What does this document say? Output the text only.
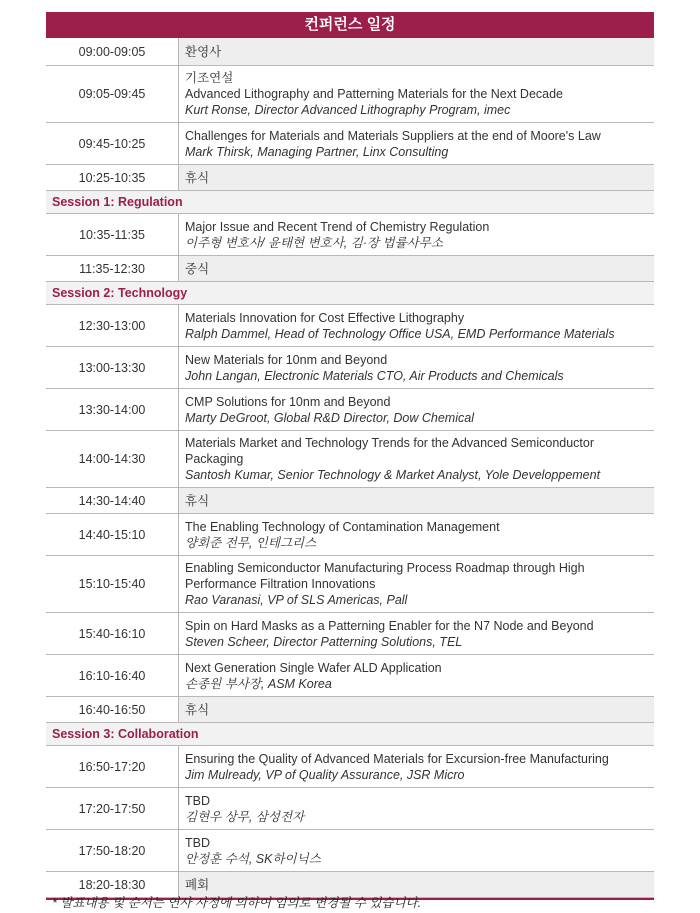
컨퍼런스 일정
09:00-09:05	환영사
09:05-09:45
기조연설
Advanced Lithography and Patterning Materials for the Next Decade
Kurt Ronse, Director Advanced Lithography Program, imec
09:45-10:25
Challenges for Materials and Materials Suppliers at the end of Moore's Law
Mark Thirsk, Managing Partner, Linx Consulting
10:25-10:35	휴식
Session 1: Regulation
10:35-11:35
Major Issue and Recent Trend of Chemistry Regulation
이주형 변호사/ 윤태현 변호사, 김·장 법률사무소
11:35-12:30	중식
Session 2: Technology
12:30-13:00
Materials Innovation for Cost Effective Lithography
Ralph Dammel, Head of Technology Office USA, EMD Performance Materials
13:00-13:30
New Materials for 10nm and Beyond
John Langan, Electronic Materials CTO, Air Products and Chemicals
13:30-14:00
CMP Solutions for 10nm and Beyond
Marty DeGroot, Global R&D Director, Dow Chemical
14:00-14:30
Materials Market and Technology Trends for the Advanced Semiconductor Packaging
Santosh Kumar, Senior Technology & Market Analyst, Yole Developpement
14:30-14:40	휴식
14:40-15:10
The Enabling Technology of Contamination Management
양회준 전무, 인테그리스
15:10-15:40
Enabling Semiconductor Manufacturing Process Roadmap through High Performance Filtration Innovations
Rao Varanasi, VP of SLS Americas, Pall
15:40-16:10
Spin on Hard Masks as a Patterning Enabler for the N7 Node and Beyond
Steven Scheer, Director Patterning Solutions, TEL
16:10-16:40
Next Generation Single Wafer ALD Application
손종원 부사장, ASM Korea
16:40-16:50	휴식
Session 3: Collaboration
16:50-17:20
Ensuring the Quality of Advanced Materials for Excursion-free Manufacturing
Jim Mulready, VP of Quality Assurance, JSR Micro
17:20-17:50
TBD
김현우 상무, 삼성전자
17:50-18:20
TBD
안정훈 수석, SK하이닉스
18:20-18:30	폐회
* 발표내용 및 순서는 연사 사정에 의하여 임의로 변경될 수 있습니다.
